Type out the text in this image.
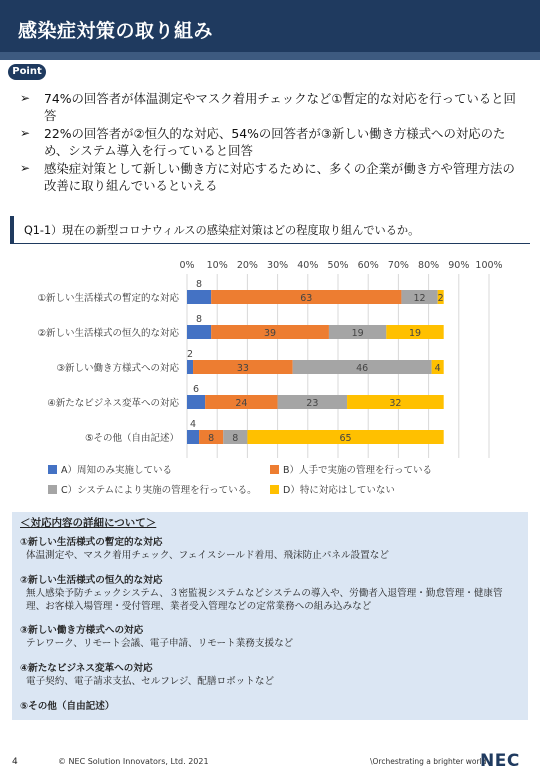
感染症対策の取り組み
Point
➢ 74%の回答者が体温測定やマスク着用チェックなど①暫定的な対応を行っていると回答
➢ 22%の回答者が②恒久的な対応、54%の回答者が③新しい働き方様式への対応のため、システム導入を行っていると回答
➢ 感染症対策として新しい働き方に対応するために、多くの企業が働き方や管理方法の改善に取り組んでいるといえる
Q1-1）現在の新型コロナウィルスの感染症対策はどの程度取り組んでいるか。
0% 10% 20% 30% 40% 50% 60% 70% 80% 90% 100%
①新しい生活様式の暫定的な対応
8
63	12 2
②新しい生活様式の恒久的な対応
8
39	19	19
③新しい働き方様式への対応
2
33	46	4
④新たなビジネス変革への対応
6
24	23	32
⑤その他（自由記述）
4
8 8	65
A）周知のみ実施している	B）人手で実施の管理を行っている
C）システムにより実施の管理を行っている。	D）特に対応はしていない
＜対応内容の詳細について＞
①新しい生活様式の暫定的な対応
体温測定や、マスク着用チェック、フェイスシールド着用、飛沫防止パネル設置など
②新しい生活様式の恒久的な対応
無人感染予防チェックシステム、３密監視システムなどシステムの導入や、労働者入退管理・勤怠管理・健康管理、お客様入場管理・受付管理、業者受入管理などの定常業務への組み込みなど
③新しい働き方様式への対応
テレワーク、リモート会議、電子申請、リモート業務支援など
④新たなビジネス変革への対応
電子契約、電子請求支払、セルフレジ、配膳ロボットなど
⑤その他（自由記述）
4	© NEC Solution Innovators, Ltd. 2021	\Orchestrating a brighter world
NEC
